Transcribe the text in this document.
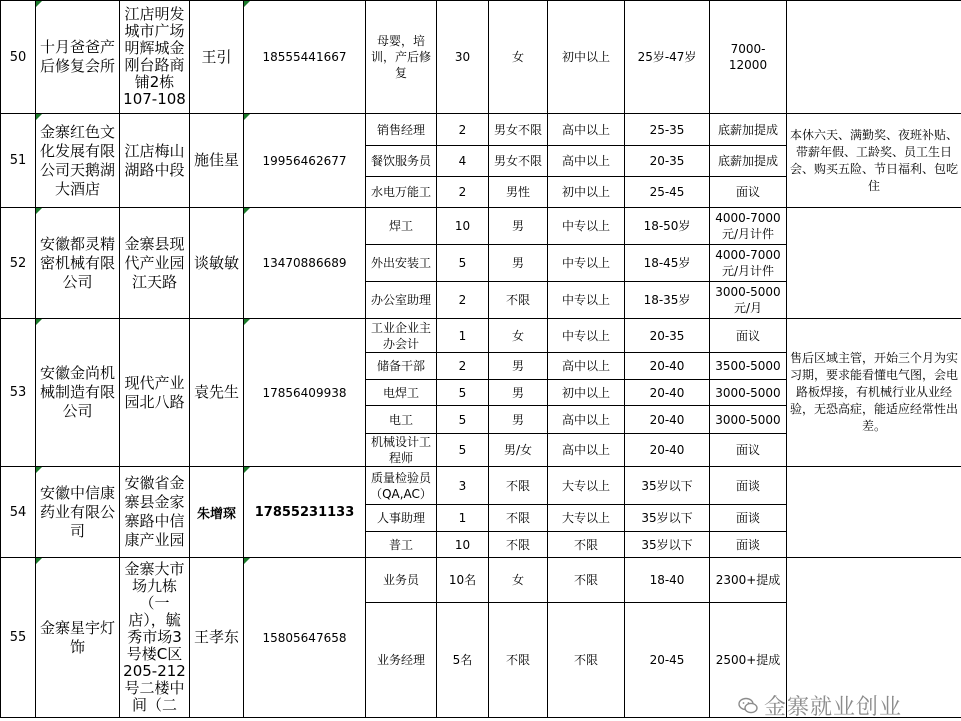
50	十月爸爸产后修复会所	江店明发城市广场明辉城金刚台路商铺2栋107-108	王引	18555441667	母婴，培训，产后修复	30	女	初中以上	25岁-47岁	7000-12000	
51	金寨红色文化发展有限公司天鹅湖大酒店	江店梅山湖路中段	施佳星	19956462677	销售经理	2	男女不限	高中以上	25-35	底薪加提成	本休六天、满勤奖、夜班补贴、带薪年假、工龄奖、员工生日会、购买五险、节日福利、包吃住
					餐饮服务员	4	男女不限	高中以上	20-35	底薪加提成	
					水电万能工	2	男性	初中以上	25-45	面议	
52	安徽都灵精密机械有限公司	金寨县现代产业园江天路	谈敏敏	13470886689	焊工	10	男	中专以上	18-50岁	4000-7000元/月计件	
					外出安装工	5	男	中专以上	18-45岁	4000-7000元/月计件	
					办公室助理	2	不限	中专以上	18-35岁	3000-5000元/月	
53	安徽金尚机械制造有限公司	现代产业园北八路	袁先生	17856409938	工业企业主办会计	1	女	中专以上	20-35	面议	售后区域主管，开始三个月为实习期，要求能看懂电气图，会电路板焊接，有机械行业从业经验，无恐高症，能适应经常性出差。
					储备干部	2	男	高中以上	20-40	3500-5000	
					电焊工	5	男	初中以上	20-40	3000-5000	
					电工	5	男	高中以上	20-40	3000-5000	
					机械设计工程师	5	男/女	高中以上	20-40	面议	
54	安徽中信康药业有限公司	安徽省金寨县金家寨路中信康产业园	朱增琛	17855231133	质量检验员（QA,AC）	3	不限	大专以上	35岁以下	面谈	
					人事助理	1	不限	大专以上	35岁以下	面谈	
					普工	10	不限	不限	35岁以下	面谈	
55	金寨星宇灯饰	金寨大市场九栋（一店），毓秀市场3号楼C区205-212号二楼中间（二	王孝东	15805647658	业务员	10名	女	不限	18-40	2300+提成	
					业务经理	5名	不限	不限	20-45	2500+提成	
金寨就业创业
